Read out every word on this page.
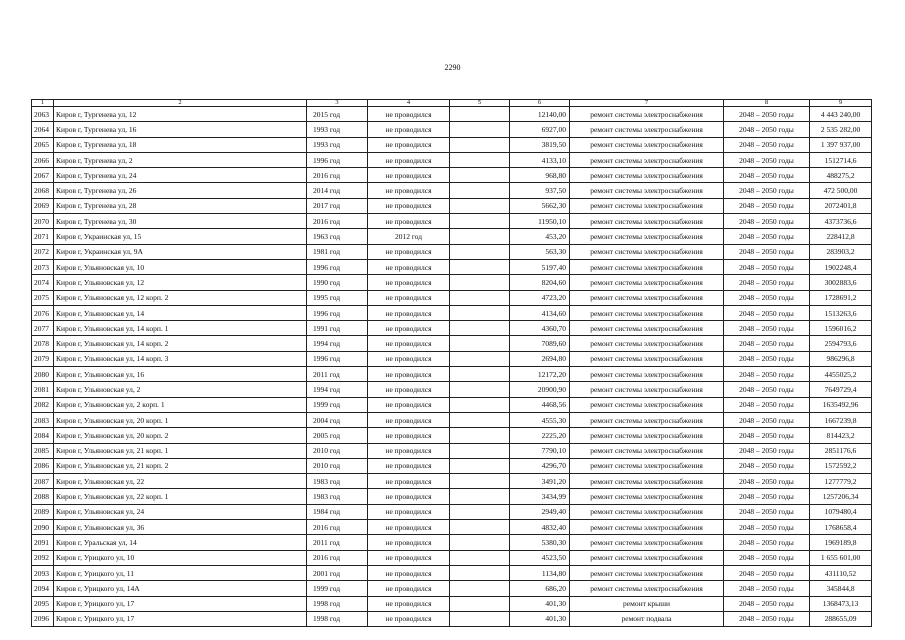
2290
1	2	3	4	5	6	7	8	9
2063	Киров г, Тургенева ул, 12	2015 год	не проводился		12140,00	ремонт системы электроснабжения	2048 – 2050 годы	4 443 240,00
2064	Киров г, Тургенева ул, 16	1993 год	не проводился		6927,00	ремонт системы электроснабжения	2048 – 2050 годы	2 535 282,00
2065	Киров г, Тургенева ул, 18	1993 год	не проводился		3819,50	ремонт системы электроснабжения	2048 – 2050 годы	1 397 937,00
2066	Киров г, Тургенева ул, 2	1996 год	не проводился		4133,10	ремонт системы электроснабжения	2048 – 2050 годы	1512714,6
2067	Киров г, Тургенева ул, 24	2016 год	не проводился		968,80	ремонт системы электроснабжения	2048 – 2050 годы	488275,2
2068	Киров г, Тургенева ул, 26	2014 год	не проводился		937,50	ремонт системы электроснабжения	2048 – 2050 годы	472 500,00
2069	Киров г, Тургенева ул, 28	2017 год	не проводился		5662,30	ремонт системы электроснабжения	2048 – 2050 годы	2072401,8
2070	Киров г, Тургенева ул, 30	2016 год	не проводился		11950,10	ремонт системы электроснабжения	2048 – 2050 годы	4373736,6
2071	Киров г, Украинская ул, 15	1963 год	2012 год		453,20	ремонт системы электроснабжения	2048 – 2050 годы	228412,8
2072	Киров г, Украинская ул, 9А	1981 год	не проводился		563,30	ремонт системы электроснабжения	2048 – 2050 годы	283903,2
2073	Киров г, Ульяновская ул, 10	1996 год	не проводился		5197,40	ремонт системы электроснабжения	2048 – 2050 годы	1902248,4
2074	Киров г, Ульяновская ул, 12	1990 год	не проводился		8204,60	ремонт системы электроснабжения	2048 – 2050 годы	3002883,6
2075	Киров г, Ульяновская ул, 12 корп. 2	1995 год	не проводился		4723,20	ремонт системы электроснабжения	2048 – 2050 годы	1728691,2
2076	Киров г, Ульяновская ул, 14	1996 год	не проводился		4134,60	ремонт системы электроснабжения	2048 – 2050 годы	1513263,6
2077	Киров г, Ульяновская ул, 14 корп. 1	1991 год	не проводился		4360,70	ремонт системы электроснабжения	2048 – 2050 годы	1596016,2
2078	Киров г, Ульяновская ул, 14 корп. 2	1994 год	не проводился		7089,60	ремонт системы электроснабжения	2048 – 2050 годы	2594793,6
2079	Киров г, Ульяновская ул, 14 корп. 3	1996 год	не проводился		2694,80	ремонт системы электроснабжения	2048 – 2050 годы	986296,8
2080	Киров г, Ульяновская ул, 16	2011 год	не проводился		12172,20	ремонт системы электроснабжения	2048 – 2050 годы	4455025,2
2081	Киров г, Ульяновская ул, 2	1994 год	не проводился		20900,90	ремонт системы электроснабжения	2048 – 2050 годы	7649729,4
2082	Киров г, Ульяновская ул, 2 корп. 1	1999 год	не проводился		4468,56	ремонт системы электроснабжения	2048 – 2050 годы	1635492,96
2083	Киров г, Ульяновская ул, 20 корп. 1	2004 год	не проводился		4555,30	ремонт системы электроснабжения	2048 – 2050 годы	1667239,8
2084	Киров г, Ульяновская ул, 20 корп. 2	2005 год	не проводился		2225,20	ремонт системы электроснабжения	2048 – 2050 годы	814423,2
2085	Киров г, Ульяновская ул, 21 корп. 1	2010 год	не проводился		7790,10	ремонт системы электроснабжения	2048 – 2050 годы	2851176,6
2086	Киров г, Ульяновская ул, 21 корп. 2	2010 год	не проводился		4296,70	ремонт системы электроснабжения	2048 – 2050 годы	1572592,2
2087	Киров г, Ульяновская ул, 22	1983 год	не проводился		3491,20	ремонт системы электроснабжения	2048 – 2050 годы	1277779,2
2088	Киров г, Ульяновская ул, 22 корп. 1	1983 год	не проводился		3434,99	ремонт системы электроснабжения	2048 – 2050 годы	1257206,34
2089	Киров г, Ульяновская ул, 24	1984 год	не проводился		2949,40	ремонт системы электроснабжения	2048 – 2050 годы	1079480,4
2090	Киров г, Ульяновская ул, 36	2016 год	не проводился		4832,40	ремонт системы электроснабжения	2048 – 2050 годы	1768658,4
2091	Киров г, Уральская ул, 14	2011 год	не проводился		5380,30	ремонт системы электроснабжения	2048 – 2050 годы	1969189,8
2092	Киров г, Урицкого ул, 10	2016 год	не проводился		4523,50	ремонт системы электроснабжения	2048 – 2050 годы	1 655 601,00
2093	Киров г, Урицкого ул, 11	2001 год	не проводился		1134,80	ремонт системы электроснабжения	2048 – 2050 годы	431110,52
2094	Киров г, Урицкого ул, 14А	1999 год	не проводился		686,20	ремонт системы электроснабжения	2048 – 2050 годы	345844,8
2095	Киров г, Урицкого ул, 17	1998 год	не проводился		401,30	ремонт крыши	2048 – 2050 годы	1368473,13
2096	Киров г, Урицкого ул, 17	1998 год	не проводился		401,30	ремонт подвала	2048 – 2050 годы	288655,09
